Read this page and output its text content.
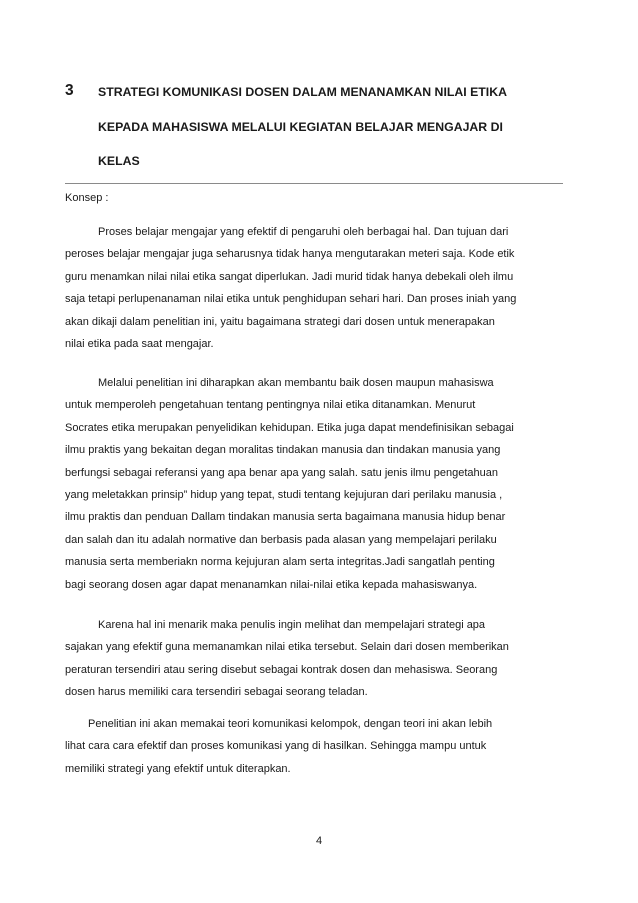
3 STRATEGI KOMUNIKASI DOSEN DALAM MENANAMKAN NILAI ETIKA
KEPADA MAHASISWA MELALUI KEGIATAN BELAJAR MENGAJAR DI
KELAS
Konsep :
Proses belajar mengajar yang efektif di pengaruhi oleh berbagai hal. Dan tujuan dari
peroses belajar mengajar juga seharusnya tidak hanya mengutarakan meteri saja. Kode etik
guru menamkan nilai nilai etika sangat diperlukan. Jadi murid tidak hanya debekali oleh ilmu
saja tetapi perlupenanaman nilai etika untuk penghidupan sehari hari. Dan proses iniah yang
akan dikaji dalam penelitian ini, yaitu bagaimana strategi dari dosen untuk menerapakan
nilai etika pada saat mengajar.
Melalui penelitian ini diharapkan akan membantu baik dosen maupun mahasiswa
untuk memperoleh pengetahuan tentang pentingnya nilai etika ditanamkan. Menurut
Socrates etika merupakan penyelidikan kehidupan. Etika juga dapat mendefinisikan sebagai
ilmu praktis yang bekaitan degan moralitas tindakan manusia dan tindakan manusia yang
berfungsi sebagai referansi yang apa benar apa yang salah. satu jenis ilmu pengetahuan
yang meletakkan prinsip” hidup yang tepat, studi tentang kejujuran dari perilaku manusia ,
ilmu praktis dan penduan Dallam tindakan manusia serta bagaimana manusia hidup benar
dan salah dan itu adalah normative dan berbasis pada alasan yang mempelajari perilaku
manusia serta memberiakn norma kejujuran alam serta integritas.Jadi sangatlah penting
bagi seorang dosen agar dapat menanamkan nilai-nilai etika kepada mahasiswanya.
Karena hal ini menarik maka penulis ingin melihat dan mempelajari strategi apa
sajakan yang efektif guna memanamkan nilai etika tersebut. Selain dari dosen memberikan
peraturan tersendiri atau sering disebut sebagai kontrak dosen dan mehasiswa. Seorang
dosen harus memiliki cara tersendiri sebagai seorang teladan.
Penelitian ini akan memakai teori komunikasi kelompok, dengan teori ini akan lebih
lihat cara cara efektif dan proses komunikasi yang di hasilkan. Sehingga mampu untuk
memiliki strategi yang efektif untuk diterapkan.
4
